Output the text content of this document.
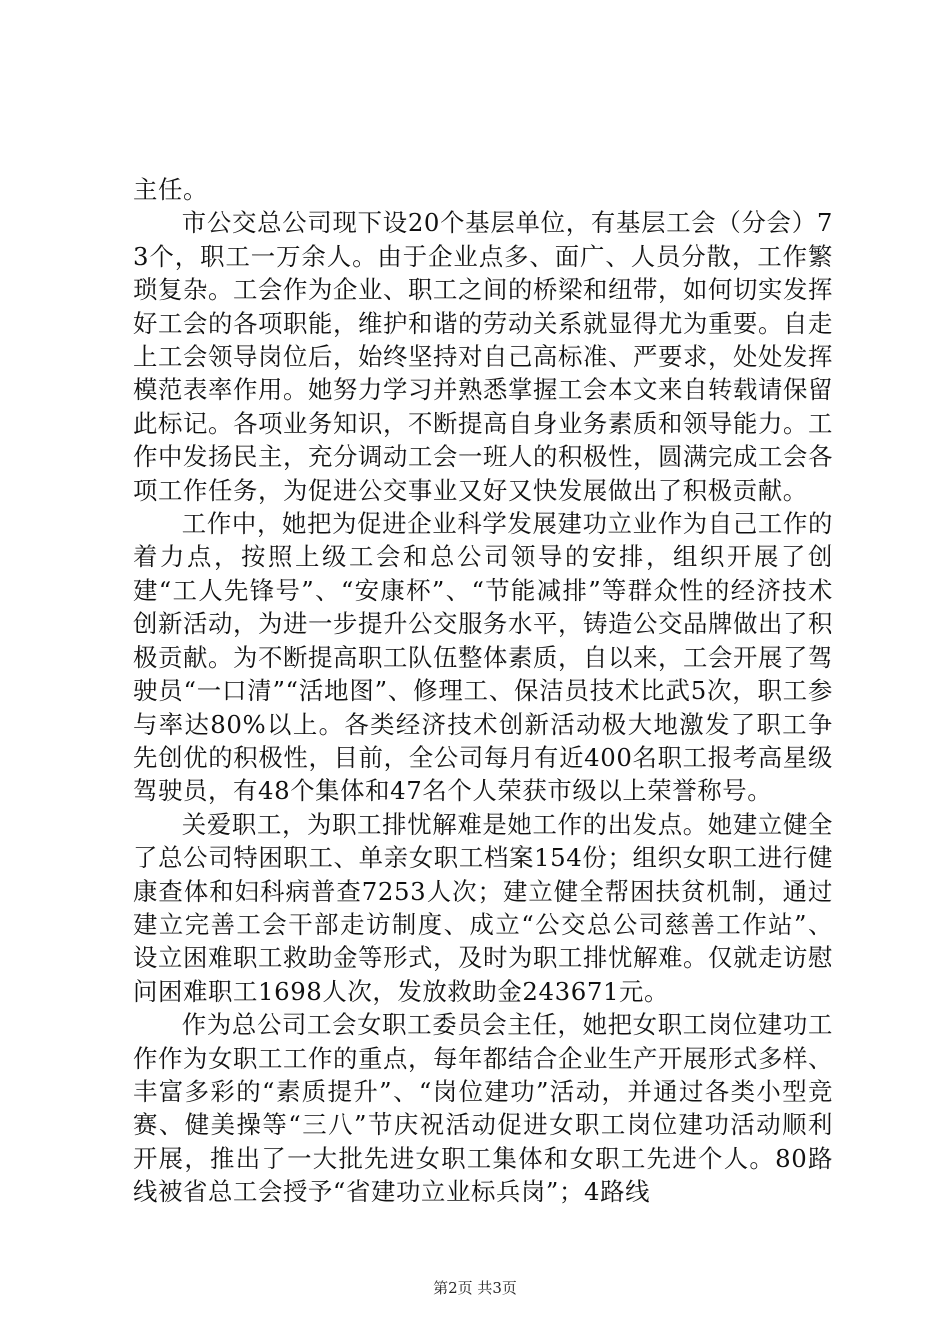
主任。

市公交总公司现下设20个基层单位，有基层工会（分会）73个，职工一万余人。由于企业点多、面广、人员分散，工作繁琐复杂。工会作为企业、职工之间的桥梁和纽带，如何切实发挥好工会的各项职能，维护和谐的劳动关系就显得尤为重要。自走上工会领导岗位后，始终坚持对自己高标准、严要求，处处发挥模范表率作用。她努力学习并熟悉掌握工会本文来自转载请保留此标记。各项业务知识，不断提高自身业务素质和领导能力。工作中发扬民主，充分调动工会一班人的积极性，圆满完成工会各项工作任务，为促进公交事业又好又快发展做出了积极贡献。

工作中，她把为促进企业科学发展建功立业作为自己工作的着力点，按照上级工会和总公司领导的安排，组织开展了创建“工人先锋号”、“安康杯”、“节能减排”等群众性的经济技术创新活动，为进一步提升公交服务水平，铸造公交品牌做出了积极贡献。为不断提高职工队伍整体素质，自以来，工会开展了驾驶员“一口清”“活地图”、修理工、保洁员技术比武5次，职工参与率达80%以上。各类经济技术创新活动极大地激发了职工争先创优的积极性，目前，全公司每月有近400名职工报考高星级驾驶员，有48个集体和47名个人荣获市级以上荣誉称号。

关爱职工，为职工排忧解难是她工作的出发点。她建立健全了总公司特困职工、单亲女职工档案154份；组织女职工进行健康查体和妇科病普查7253人次；建立健全帮困扶贫机制，通过建立完善工会干部走访制度、成立“公交总公司慈善工作站”、设立困难职工救助金等形式，及时为职工排忧解难。仅就走访慰问困难职工1698人次，发放救助金243671元。

作为总公司工会女职工委员会主任，她把女职工岗位建功工作作为女职工工作的重点，每年都结合企业生产开展形式多样、丰富多彩的“素质提升”、“岗位建功”活动，并通过各类小型竞赛、健美操等“三八”节庆祝活动促进女职工岗位建功活动顺利开展，推出了一大批先进女职工集体和女职工先进个人。80路线被省总工会授予“省建功立业标兵岗”；4路线

第2页 共3页
